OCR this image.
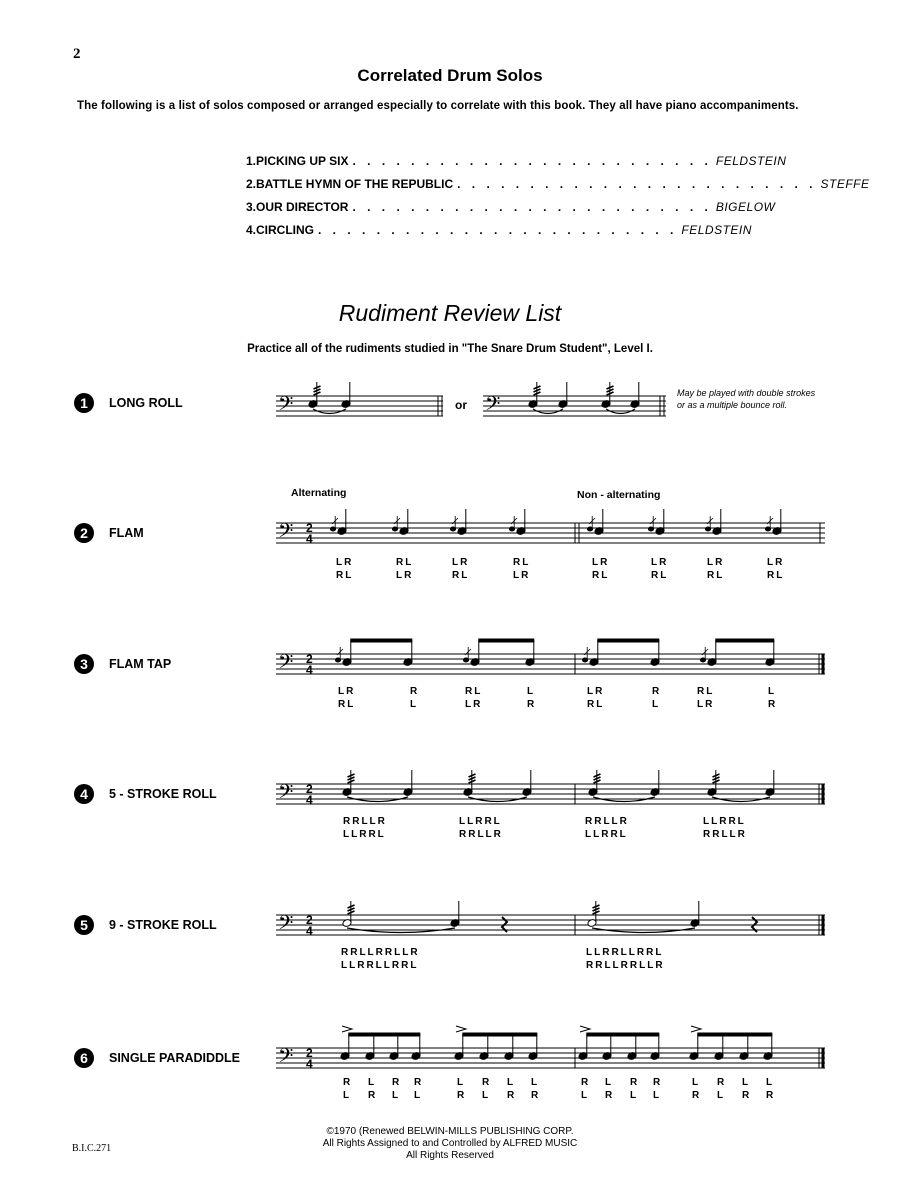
2
Correlated Drum Solos
The following is a list of solos composed or arranged especially to correlate with this book. They all have piano accompaniments.
1. PICKING UP SIX . . . . . . . . . . . . . . . . . . . . . . . . . FELDSTEIN
2. BATTLE HYMN OF THE REPUBLIC . . . . . . . . . . . . . . . . . . . . . . . . . STEFFE
3. OUR DIRECTOR . . . . . . . . . . . . . . . . . . . . . . . . . BIGELOW
4. CIRCLING . . . . . . . . . . . . . . . . . . . . . . . . . FELDSTEIN
Rudiment Review List
Practice all of the rudiments studied in "The Snare Drum Student", Level I.
1	LONG ROLL
2	FLAM
3	FLAM TAP
4	5 - STROKE ROLL
5	9 - STROKE ROLL
6	SINGLE PARADIDDLE
or
May be played with double strokes or as a multiple bounce roll.
Alternating	Non - alternating
𝄢	𝄢
𝄢 2
4
𝄢 2
4
𝄢 2
4
𝄢 2
4
𝄢 2
4
LR
RL
RL
LR
LR
RL
RL
LR
LR
RL
LR
RL
LR
RL
LR
RL
LR
RL
R
L
RL
LR
L
R
LR
RL
R
L
RL
LR
L
R
RRLLR
LLRRL
LLRRL
RRLLR
RRLLR
LLRRL
LLRRL
RRLLR
RRLLRRLLR
LLRRLLRRL
LLRRLLRRL
RRLLRRLLR
R
L
L
R
R
L
R
L
L
R
R
L
L
R
L
R
R
L
L
R
R
L
R
L
L
R
R
L
L
R
L
R
©1970 (Renewed BELWIN-MILLS PUBLISHING CORP.
All Rights Assigned to and Controlled by ALFRED MUSIC
All Rights Reserved
B.I.C.271
